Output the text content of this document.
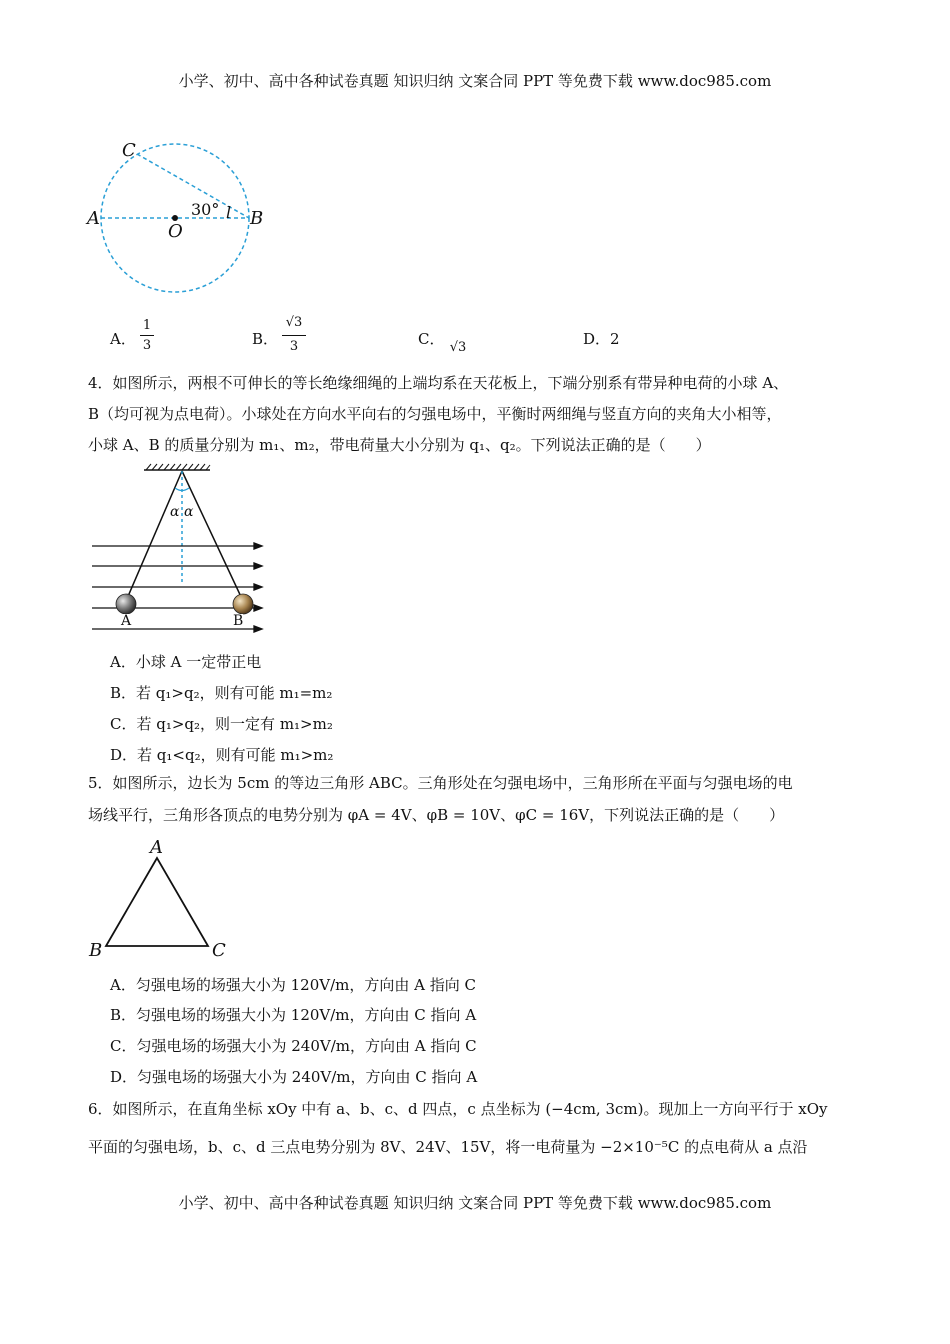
小学、初中、高中各种试卷真题 知识归纳 文案合同 PPT 等免费下载 www.doc985.com
C
A
O
B
30° l
A．
1
3	B．
√3
3	C． √3	D．2
4．如图所示，两根不可伸长的等长绝缘细绳的上端均系在天花板上，下端分别系有带异种电荷的小球 A、
B（均可视为点电荷）。小球处在方向水平向右的匀强电场中，平衡时两细绳与竖直方向的夹角大小相等，
小球 A、B 的质量分别为 m₁、m₂，带电荷量大小分别为 q₁、q₂。下列说法正确的是（　　）
α α
A	B
A．小球 A 一定带正电
B．若 q₁>q₂，则有可能 m₁=m₂
C．若 q₁>q₂，则一定有 m₁>m₂
D．若 q₁<q₂，则有可能 m₁>m₂
5．如图所示，边长为 5cm 的等边三角形 ABC。三角形处在匀强电场中，三角形所在平面与匀强电场的电
场线平行，三角形各顶点的电势分别为 φA = 4V、φB = 10V、φC = 16V，下列说法正确的是（　　）
A
B	C
A．匀强电场的场强大小为 120V/m，方向由 A 指向 C
B．匀强电场的场强大小为 120V/m，方向由 C 指向 A
C．匀强电场的场强大小为 240V/m，方向由 A 指向 C
D．匀强电场的场强大小为 240V/m，方向由 C 指向 A
6．如图所示，在直角坐标 xOy 中有 a、b、c、d 四点，c 点坐标为 (−4cm, 3cm)。现加上一方向平行于 xOy
平面的匀强电场，b、c、d 三点电势分别为 8V、24V、15V，将一电荷量为 −2×10⁻⁵C 的点电荷从 a 点沿
小学、初中、高中各种试卷真题 知识归纳 文案合同 PPT 等免费下载 www.doc985.com
